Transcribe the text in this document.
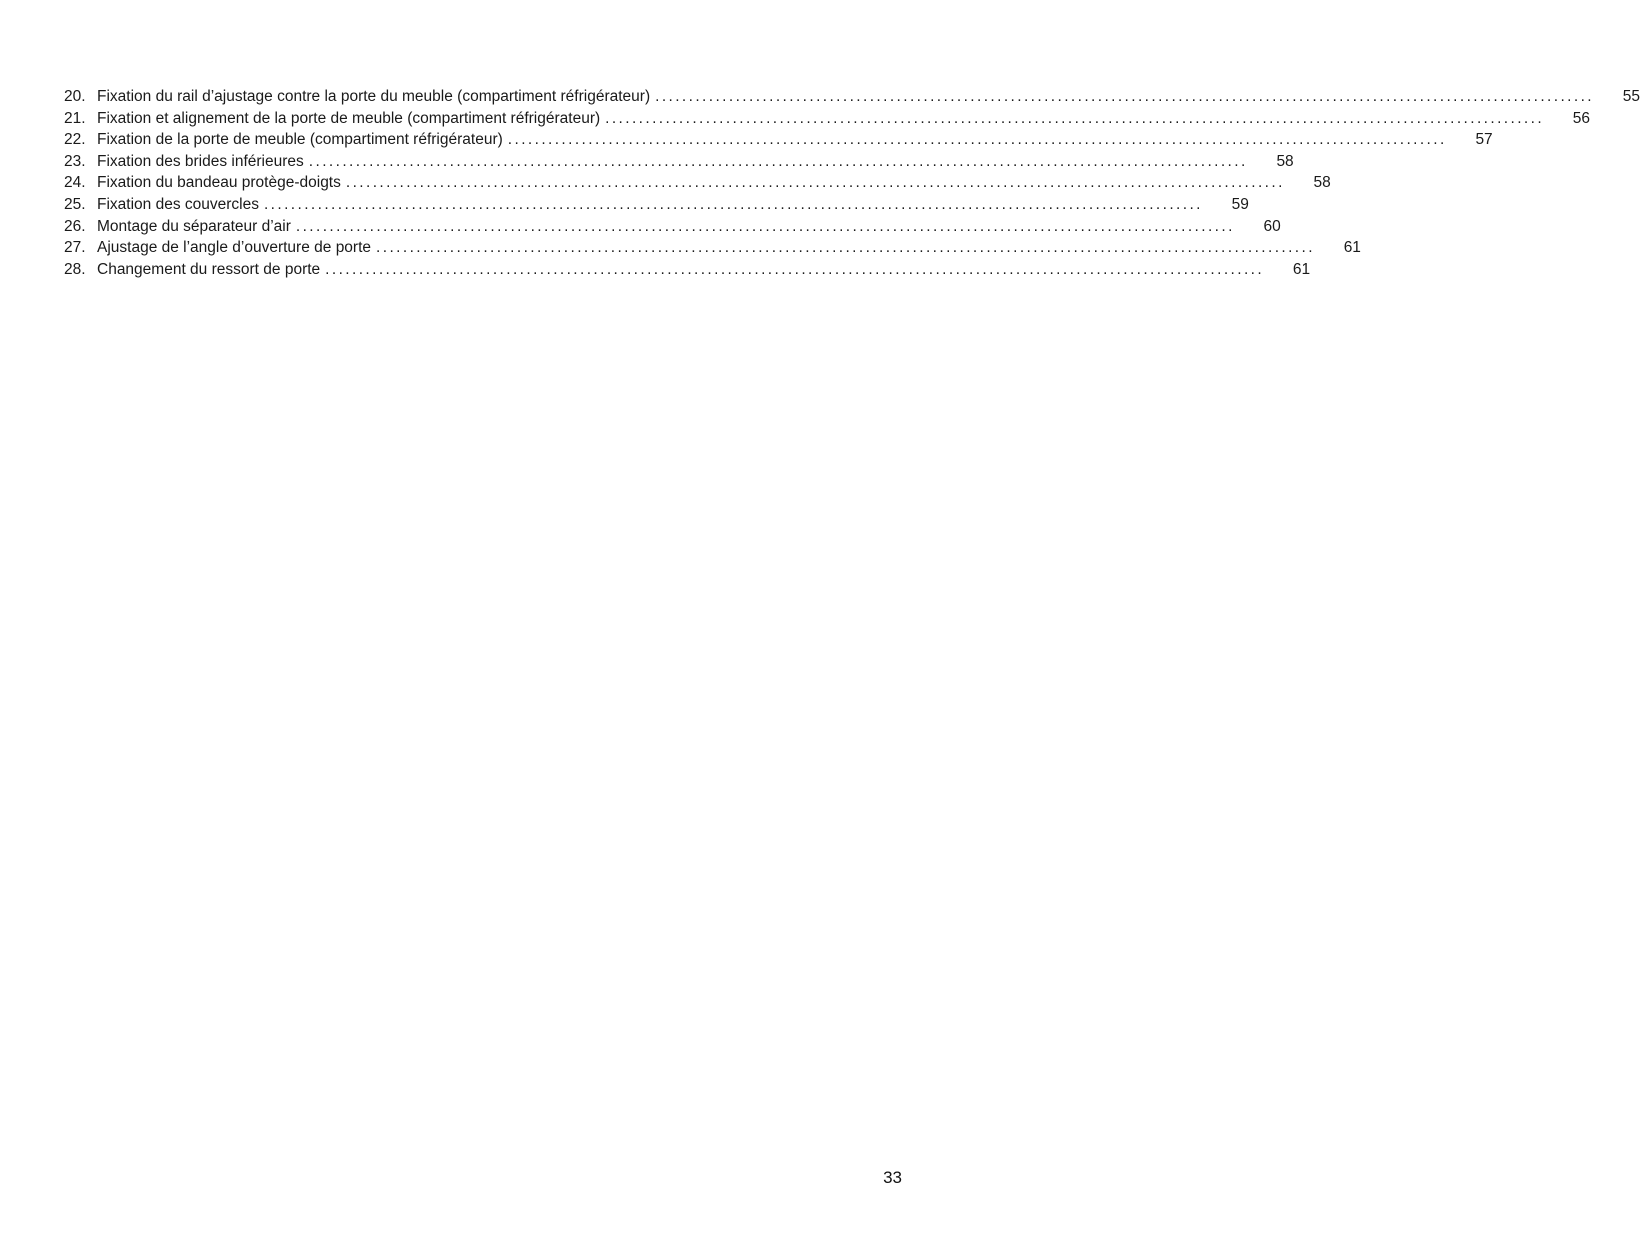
20. Fixation du rail d’ajustage contre la porte du meuble (compartiment réfrigérateur) ............................................................................................................................................	55
21. Fixation et alignement de la porte de meuble (compartiment réfrigérateur) ............................................................................................................................................	56
22. Fixation de la porte de meuble (compartiment réfrigérateur) ............................................................................................................................................	57
23. Fixation des brides inférieures ............................................................................................................................................	58
24. Fixation du bandeau protège-doigts ............................................................................................................................................	58
25. Fixation des couvercles ............................................................................................................................................	59
26. Montage du séparateur d’air ............................................................................................................................................	60
27. Ajustage de l’angle d’ouverture de porte ............................................................................................................................................	61
28. Changement du ressort de porte ............................................................................................................................................	61
33
